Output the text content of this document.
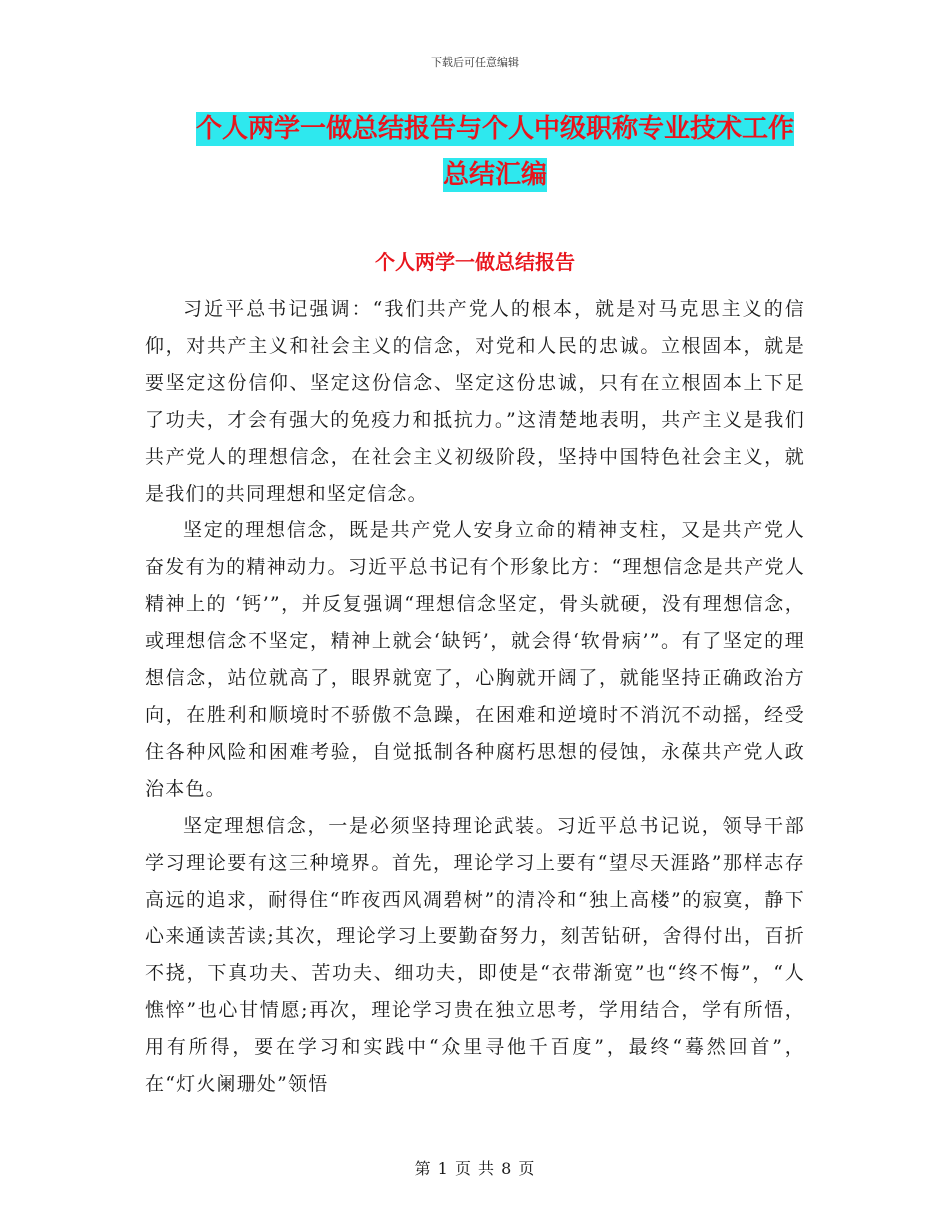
下载后可任意编辑
个人两学一做总结报告与个人中级职称专业技术工作
总结汇编
个人两学一做总结报告

习近平总书记强调：“我们共产党人的根本，就是对马克思主义的信仰，对共产主义和社会主义的信念，对党和人民的忠诚。立根固本，就是要坚定这份信仰、坚定这份信念、坚定这份忠诚，只有在立根固本上下足了功夫，才会有强大的免疫力和抵抗力。”这清楚地表明，共产主义是我们共产党人的理想信念，在社会主义初级阶段，坚持中国特色社会主义，就是我们的共同理想和坚定信念。

坚定的理想信念，既是共产党人安身立命的精神支柱，又是共产党人奋发有为的精神动力。习近平总书记有个形象比方：“理想信念是共产党人精神上的 ‘钙’”，并反复强调“理想信念坚定，骨头就硬，没有理想信念，或理想信念不坚定，精神上就会‘缺钙’，就会得‘软骨病’”。有了坚定的理想信念，站位就高了，眼界就宽了，心胸就开阔了，就能坚持正确政治方向，在胜利和顺境时不骄傲不急躁，在困难和逆境时不消沉不动摇，经受住各种风险和困难考验，自觉抵制各种腐朽思想的侵蚀，永葆共产党人政治本色。

坚定理想信念，一是必须坚持理论武装。习近平总书记说，领导干部学习理论要有这三种境界。首先，理论学习上要有“望尽天涯路”那样志存高远的追求，耐得住“昨夜西风凋碧树”的清冷和“独上高楼”的寂寞，静下心来通读苦读;其次，理论学习上要勤奋努力，刻苦钻研，舍得付出，百折不挠，下真功夫、苦功夫、细功夫，即使是“衣带渐宽”也“终不悔”，“人憔悴”也心甘情愿;再次，理论学习贵在独立思考，学用结合，学有所悟，用有所得，要在学习和实践中“众里寻他千百度”，最终“蓦然回首”，在“灯火阑珊处”领悟

第 1 页 共 8 页
